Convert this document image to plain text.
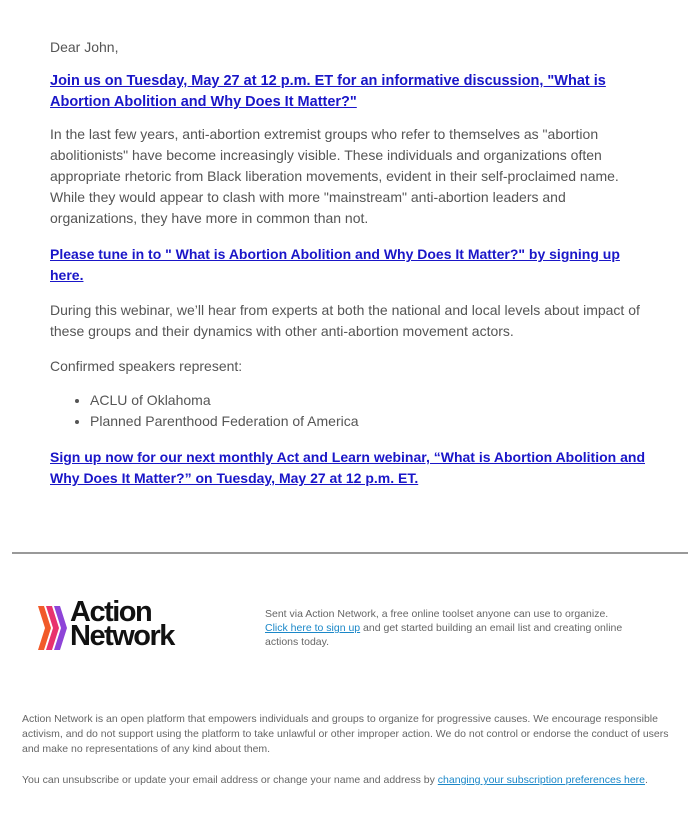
Dear John,
Join us on Tuesday, May 27 at 12 p.m. ET for an informative discussion, "What is Abortion Abolition and Why Does It Matter?"

In the last few years, anti-abortion extremist groups who refer to themselves as "abortion abolitionists" have become increasingly visible. These individuals and organizations often appropriate rhetoric from Black liberation movements, evident in their self-proclaimed name. While they would appear to clash with more "mainstream" anti-abortion leaders and organizations, they have more in common than not.

Please tune in to " What is Abortion Abolition and Why Does It Matter?" by signing up here.

During this webinar, we’ll hear from experts at both the national and local levels about impact of these groups and their dynamics with other anti-abortion movement actors.

Confirmed speakers represent:

• ACLU of Oklahoma
• Planned Parenthood Federation of America
Sign up now for our next monthly Act and Learn webinar, “What is Abortion Abolition and Why Does It Matter?” on Tuesday, May 27 at 12 p.m. ET.
Action
Network
Sent via Action Network, a free online toolset anyone can use to organize.
Click here to sign up and get started building an email list and creating online actions today.
Action Network is an open platform that empowers individuals and groups to organize for progressive causes. We encourage responsible activism, and do not support using the platform to take unlawful or other improper action. We do not control or endorse the conduct of users and make no representations of any kind about them.
You can unsubscribe or update your email address or change your name and address by changing your subscription preferences here.
